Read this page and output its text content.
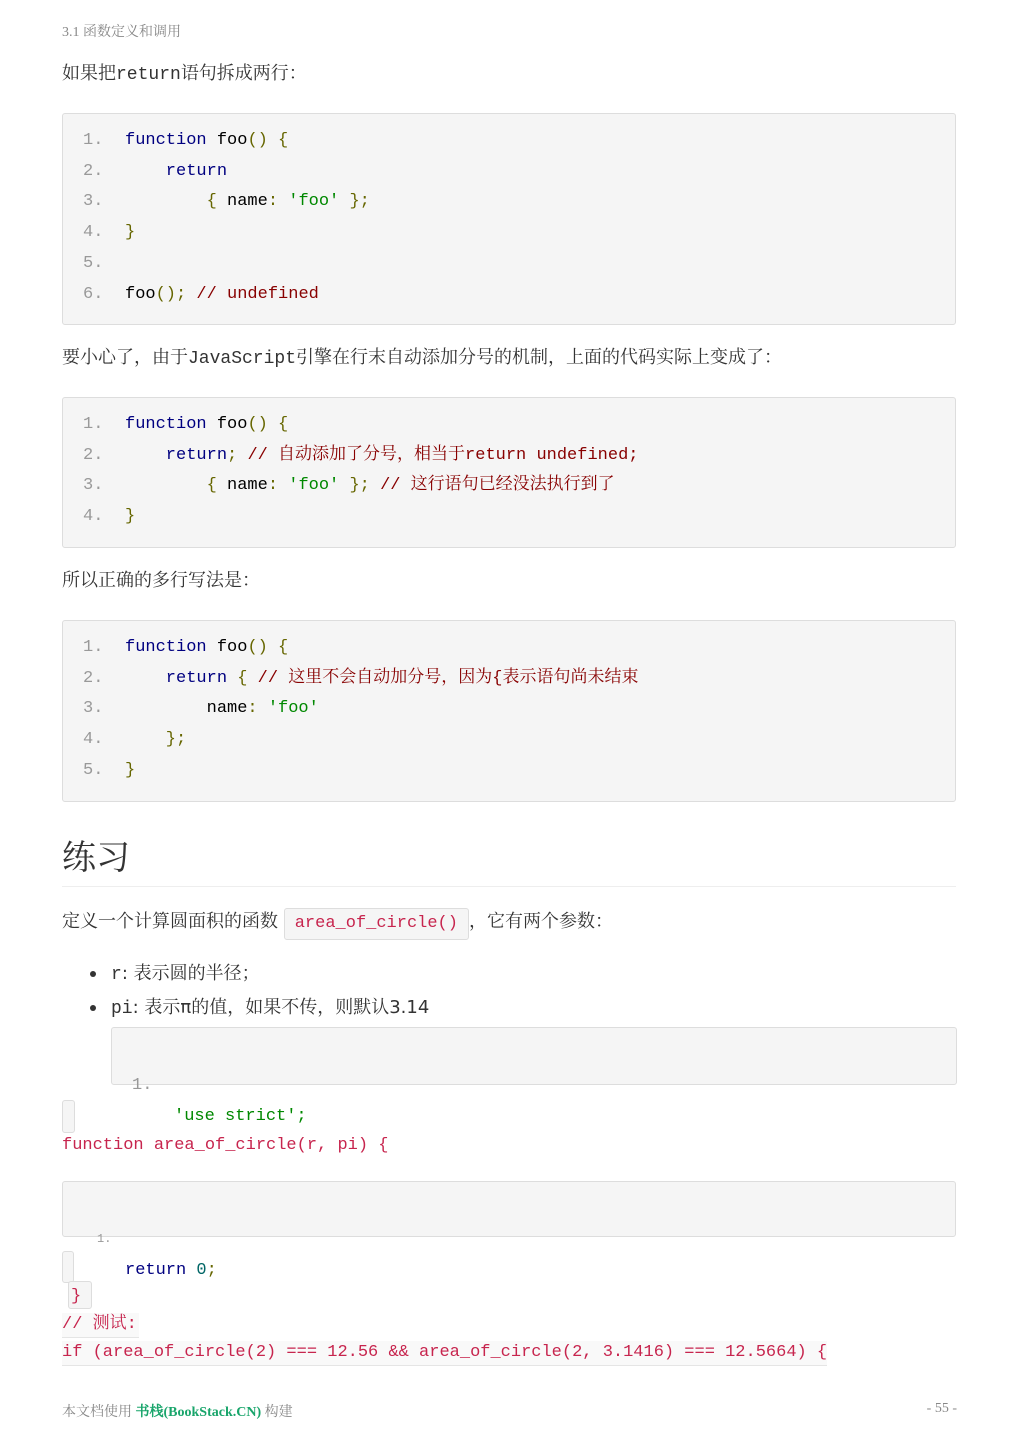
3.1 函数定义和调用
如果把return语句拆成两行：
1. function foo() {
2. return
3. { name: 'foo' };
4. }
5.
6. foo(); // undefined
要小心了，由于JavaScript引擎在行末自动添加分号的机制，上面的代码实际上变成了：
1. function foo() {
2. return; // 自动添加了分号，相当于return undefined;
3. { name: 'foo' }; // 这行语句已经没法执行到了
4. }
所以正确的多行写法是：
1. function foo() {
2. return { // 这里不会自动加分号，因为{表示语句尚未结束
3. name: 'foo'
4. };
5. }
练习
定义一个计算圆面积的函数 area_of_circle() ，它有两个参数：
r: 表示圆的半径；
pi: 表示π的值，如果不传，则默认3.14

1.

'use strict';

function area_of_circle(r, pi) {

1.

return 0;

}
// 测试:
if (area_of_circle(2) === 12.56 && area_of_circle(2, 3.1416) === 12.5664) {
本文档使用 书栈(BookStack.CN) 构建	- 55 -
